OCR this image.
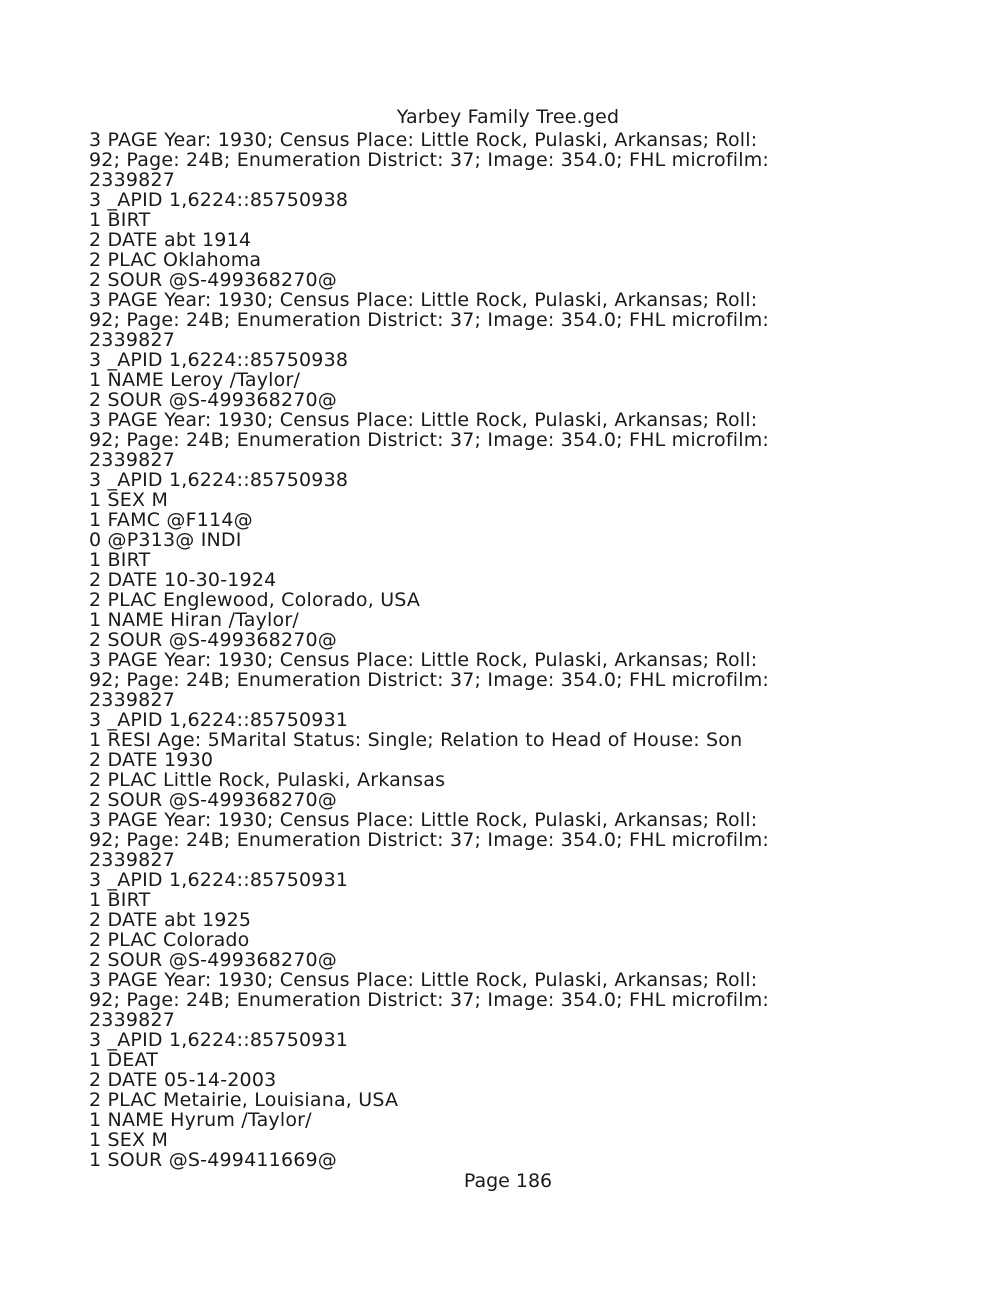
Yarbey Family Tree.ged
3 PAGE Year: 1930; Census Place: Little Rock, Pulaski, Arkansas; Roll:
92; Page: 24B; Enumeration District: 37; Image: 354.0; FHL microfilm:
2339827
3 _APID 1,6224::85750938
1 BIRT
2 DATE abt 1914
2 PLAC Oklahoma
2 SOUR @S-499368270@
3 PAGE Year: 1930; Census Place: Little Rock, Pulaski, Arkansas; Roll:
92; Page: 24B; Enumeration District: 37; Image: 354.0; FHL microfilm:
2339827
3 _APID 1,6224::85750938
1 NAME Leroy /Taylor/
2 SOUR @S-499368270@
3 PAGE Year: 1930; Census Place: Little Rock, Pulaski, Arkansas; Roll:
92; Page: 24B; Enumeration District: 37; Image: 354.0; FHL microfilm:
2339827
3 _APID 1,6224::85750938
1 SEX M
1 FAMC @F114@
0 @P313@ INDI
1 BIRT
2 DATE 10-30-1924
2 PLAC Englewood, Colorado, USA
1 NAME Hiran /Taylor/
2 SOUR @S-499368270@
3 PAGE Year: 1930; Census Place: Little Rock, Pulaski, Arkansas; Roll:
92; Page: 24B; Enumeration District: 37; Image: 354.0; FHL microfilm:
2339827
3 _APID 1,6224::85750931
1 RESI Age: 5Marital Status: Single; Relation to Head of House: Son
2 DATE 1930
2 PLAC Little Rock, Pulaski, Arkansas
2 SOUR @S-499368270@
3 PAGE Year: 1930; Census Place: Little Rock, Pulaski, Arkansas; Roll:
92; Page: 24B; Enumeration District: 37; Image: 354.0; FHL microfilm:
2339827
3 _APID 1,6224::85750931
1 BIRT
2 DATE abt 1925
2 PLAC Colorado
2 SOUR @S-499368270@
3 PAGE Year: 1930; Census Place: Little Rock, Pulaski, Arkansas; Roll:
92; Page: 24B; Enumeration District: 37; Image: 354.0; FHL microfilm:
2339827
3 _APID 1,6224::85750931
1 DEAT
2 DATE 05-14-2003
2 PLAC Metairie, Louisiana, USA
1 NAME Hyrum /Taylor/
1 SEX M
1 SOUR @S-499411669@
Page 186
